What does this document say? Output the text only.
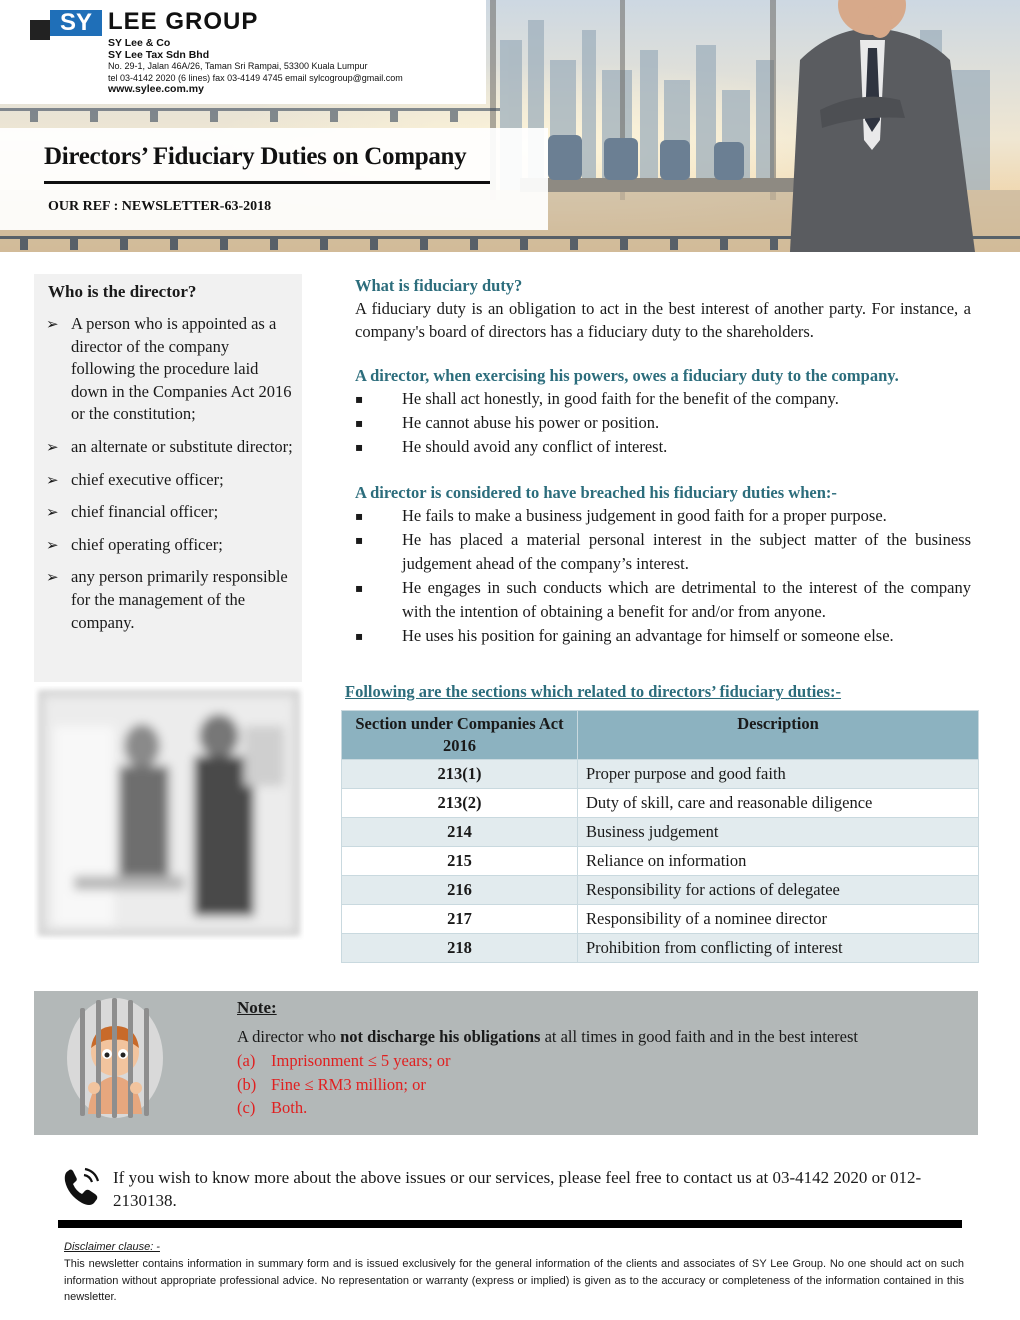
SY LEE GROUP
SY Lee & Co
SY Lee Tax Sdn Bhd
No. 29-1, Jalan 46A/26, Taman Sri Rampai, 53300 Kuala Lumpur
tel 03-4142 2020 (6 lines) fax 03-4149 4745 email sylcogroup@gmail.com
www.sylee.com.my
Directors’ Fiduciary Duties on Company
OUR REF : NEWSLETTER-63-2018
Who is the director?
➢ A person who is appointed as a director of the company following the procedure laid down in the Companies Act 2016 or the constitution;
➢ an alternate or substitute director;
➢ chief executive officer;
➢ chief financial officer;
➢ chief operating officer;
➢ any person primarily responsible for the management of the company.
What is fiduciary duty?

A fiduciary duty is an obligation to act in the best interest of another party. For instance, a company's board of directors has a fiduciary duty to the shareholders.

A director, when exercising his powers, owes a fiduciary duty to the company.
▪ He shall act honestly, in good faith for the benefit of the company.
▪ He cannot abuse his power or position.
▪ He should avoid any conflict of interest.
A director is considered to have breached his fiduciary duties when:-
▪ He fails to make a business judgement in good faith for a proper purpose.
▪ He has placed a material personal interest in the subject matter of the business judgement ahead of the company’s interest.
▪ He engages in such conducts which are detrimental to the interest of the company with the intention of obtaining a benefit for and/or from anyone.
▪ He uses his position for gaining an advantage for himself or someone else.
Following are the sections which related to directors’ fiduciary duties:-
Section under Companies Act 2016	Description
213(1)	Proper purpose and good faith
213(2)	Duty of skill, care and reasonable diligence
214	Business judgement
215	Reliance on information
216	Responsibility for actions of delegatee
217	Responsibility of a nominee director
218	Prohibition from conflicting of interest
Note:
A director who not discharge his obligations at all times in good faith and in the best interest
(a) Imprisonment ≤ 5 years; or
(b) Fine ≤ RM3 million; or
(c) Both.
If you wish to know more about the above issues or our services, please feel free to contact us at 03-4142 2020 or 012-2130138.
Disclaimer clause: -
This newsletter contains information in summary form and is issued exclusively for the general information of the clients and associates of SY Lee Group. No one should act on such information without appropriate professional advice. No representation or warranty (express or implied) is given as to the accuracy or completeness of the information contained in this newsletter.
